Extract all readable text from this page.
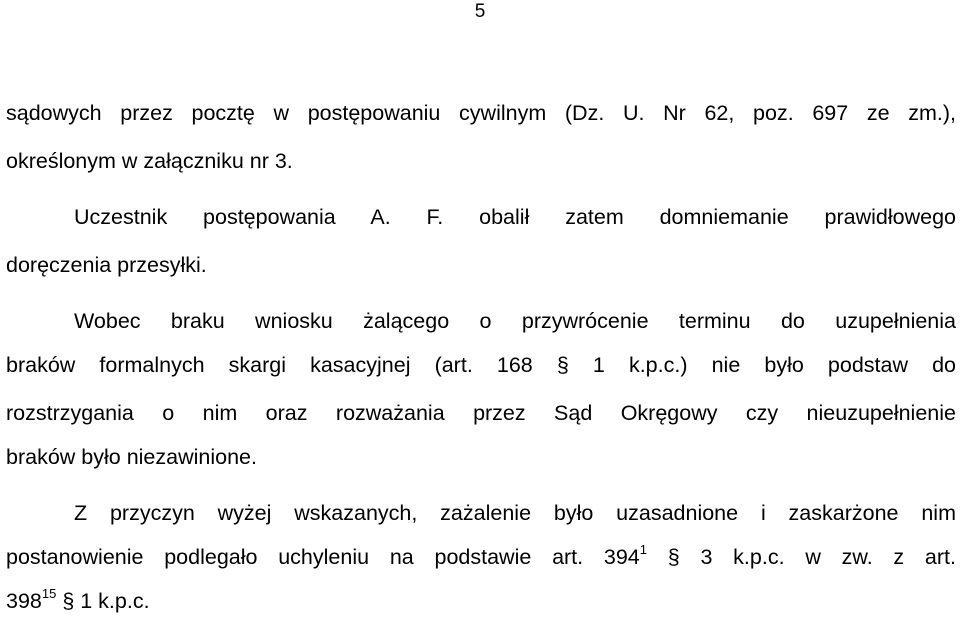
5
sądowych przez pocztę w postępowaniu cywilnym (Dz. U. Nr 62, poz. 697 ze zm.),
określonym w załączniku nr 3.
Uczestnik postępowania A. F. obalił zatem domniemanie prawidłowego
doręczenia przesyłki.
Wobec braku wniosku żalącego o przywrócenie terminu do uzupełnienia
braków formalnych skargi kasacyjnej (art. 168 § 1 k.p.c.) nie było podstaw do
rozstrzygania o nim oraz rozważania przez Sąd Okręgowy czy nieuzupełnienie
braków było niezawinione.
Z przyczyn wyżej wskazanych, zażalenie było uzasadnione i zaskarżone nim
postanowienie podlegało uchyleniu na podstawie art. $394^1$ § 3 k.p.c. w zw. z art.
$398^{15}$ § 1 k.p.c.
